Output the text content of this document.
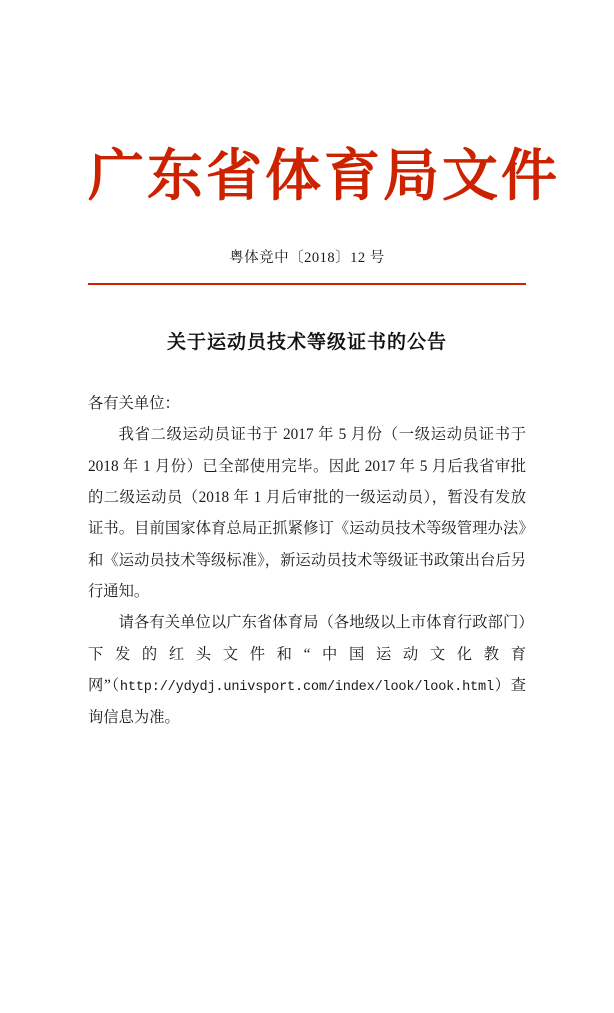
广东省体育局文件
粤体竞中〔2018〕12 号
关于运动员技术等级证书的公告

各有关单位：

我省二级运动员证书于 2017 年 5 月份（一级运动员证书于 2018 年 1 月份）已全部使用完毕。因此 2017 年 5 月后我省审批的二级运动员（2018 年 1 月后审批的一级运动员），暂没有发放证书。目前国家体育总局正抓紧修订《运动员技术等级管理办法》和《运动员技术等级标准》，新运动员技术等级证书政策出台后另行通知。

请各有关单位以广东省体育局（各地级以上市体育行政部门）下发的红头文件和“中国运动文化教育网”（http://ydydj.univsport.com/index/look/look.html）查询信息为准。
